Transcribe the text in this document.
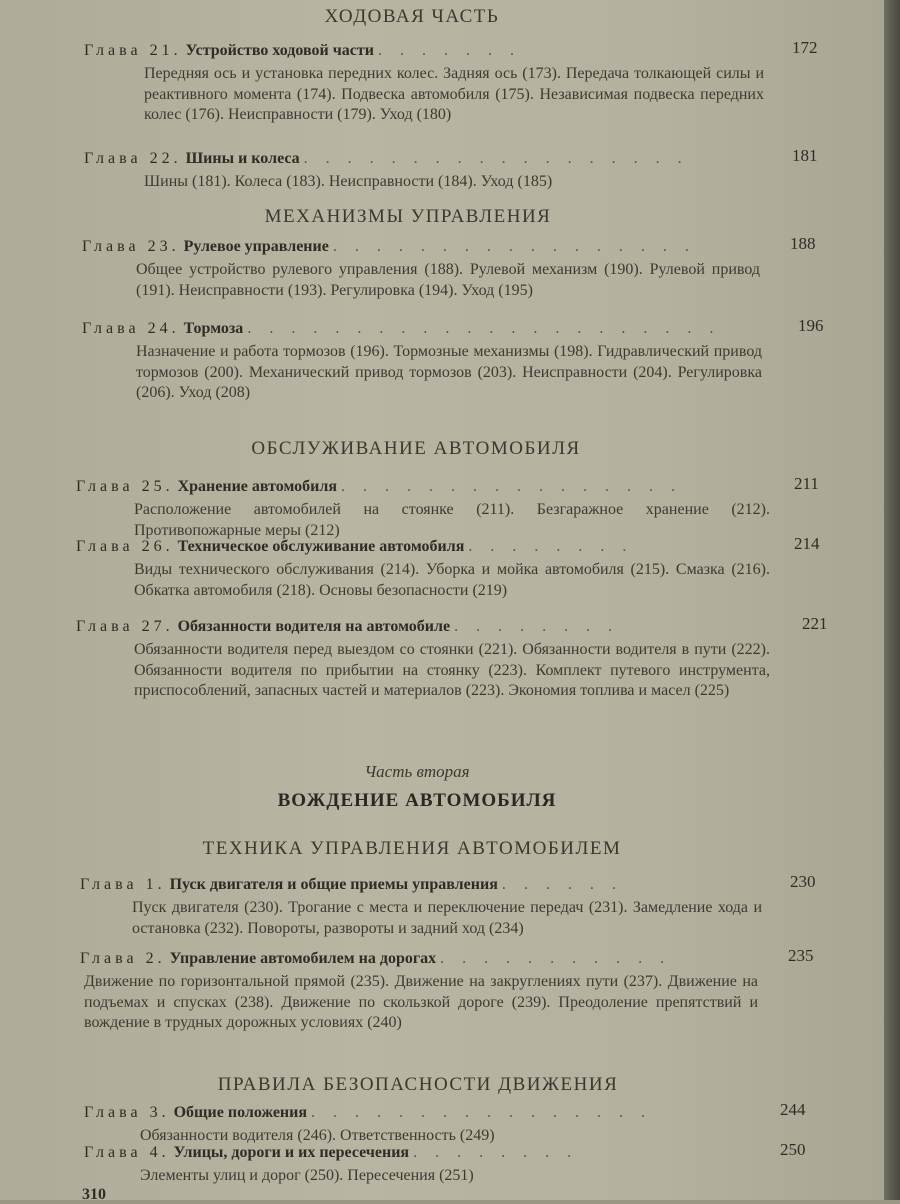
ХОДОВАЯ ЧАСТЬ
Глава 21. Устройство ходовой части . . . . . . .	172

Передняя ось и установка передних колес. Задняя ось (173). Передача толкающей силы и реактивного момента (174). Подвеска автомобиля (175). Независимая подвеска передних колес (176). Неисправности (179). Уход (180)

Глава 22. Шины и колеса . . . . . . . . . . . . . . . . . .	181

Шины (181). Колеса (183). Неисправности (184). Уход (185)

МЕХАНИЗМЫ УПРАВЛЕНИЯ
Глава 23. Рулевое управление . . . . . . . . . . . . . . . . .	188

Общее устройство рулевого управления (188). Рулевой механизм (190). Рулевой привод (191). Неисправности (193). Регулировка (194). Уход (195)

Глава 24. Тормоза . . . . . . . . . . . . . . . . . . . . . .	196

Назначение и работа тормозов (196). Тормозные механизмы (198). Гидравлический привод тормозов (200). Механический привод тормозов (203). Неисправности (204). Регулировка (206). Уход (208)

ОБСЛУЖИВАНИЕ АВТОМОБИЛЯ
Глава 25. Хранение автомобиля . . . . . . . . . . . . . . . .	211

Расположение автомобилей на стоянке (211). Безгаражное хранение (212). Противопожарные меры (212)

Глава 26. Техническое обслуживание автомобиля . . . . . . . .	214

Виды технического обслуживания (214). Уборка и мойка автомобиля (215). Смазка (216). Обкатка автомобиля (218). Основы безопасности (219)

Глава 27. Обязанности водителя на автомобиле . . . . . . . .	221

Обязанности водителя перед выездом со стоянки (221). Обязанности водителя в пути (222). Обязанности водителя по прибытии на стоянку (223). Комплект путевого инструмента, приспособлений, запасных частей и материалов (223). Экономия топлива и масел (225)

Часть вторая
ВОЖДЕНИЕ АВТОМОБИЛЯ
ТЕХНИКА УПРАВЛЕНИЯ АВТОМОБИЛЕМ
Глава 1. Пуск двигателя и общие приемы управления . . . . . .	230

Пуск двигателя (230). Трогание с места и переключение передач (231). Замедление хода и остановка (232). Повороты, развороты и задний ход (234)

Глава 2. Управление автомобилем на дорогах . . . . . . . . . . .	235

Движение по горизонтальной прямой (235). Движение на закруглениях пути (237). Движение на подъемах и спусках (238). Движение по скользкой дороге (239). Преодоление препятствий и вождение в трудных дорожных условиях (240)

ПРАВИЛА БЕЗОПАСНОСТИ ДВИЖЕНИЯ
Глава 3. Общие положения . . . . . . . . . . . . . . . .	244

Обязанности водителя (246). Ответственность (249)

Глава 4. Улицы, дороги и их пересечения . . . . . . . .	250

Элементы улиц и дорог (250). Пересечения (251)

310
